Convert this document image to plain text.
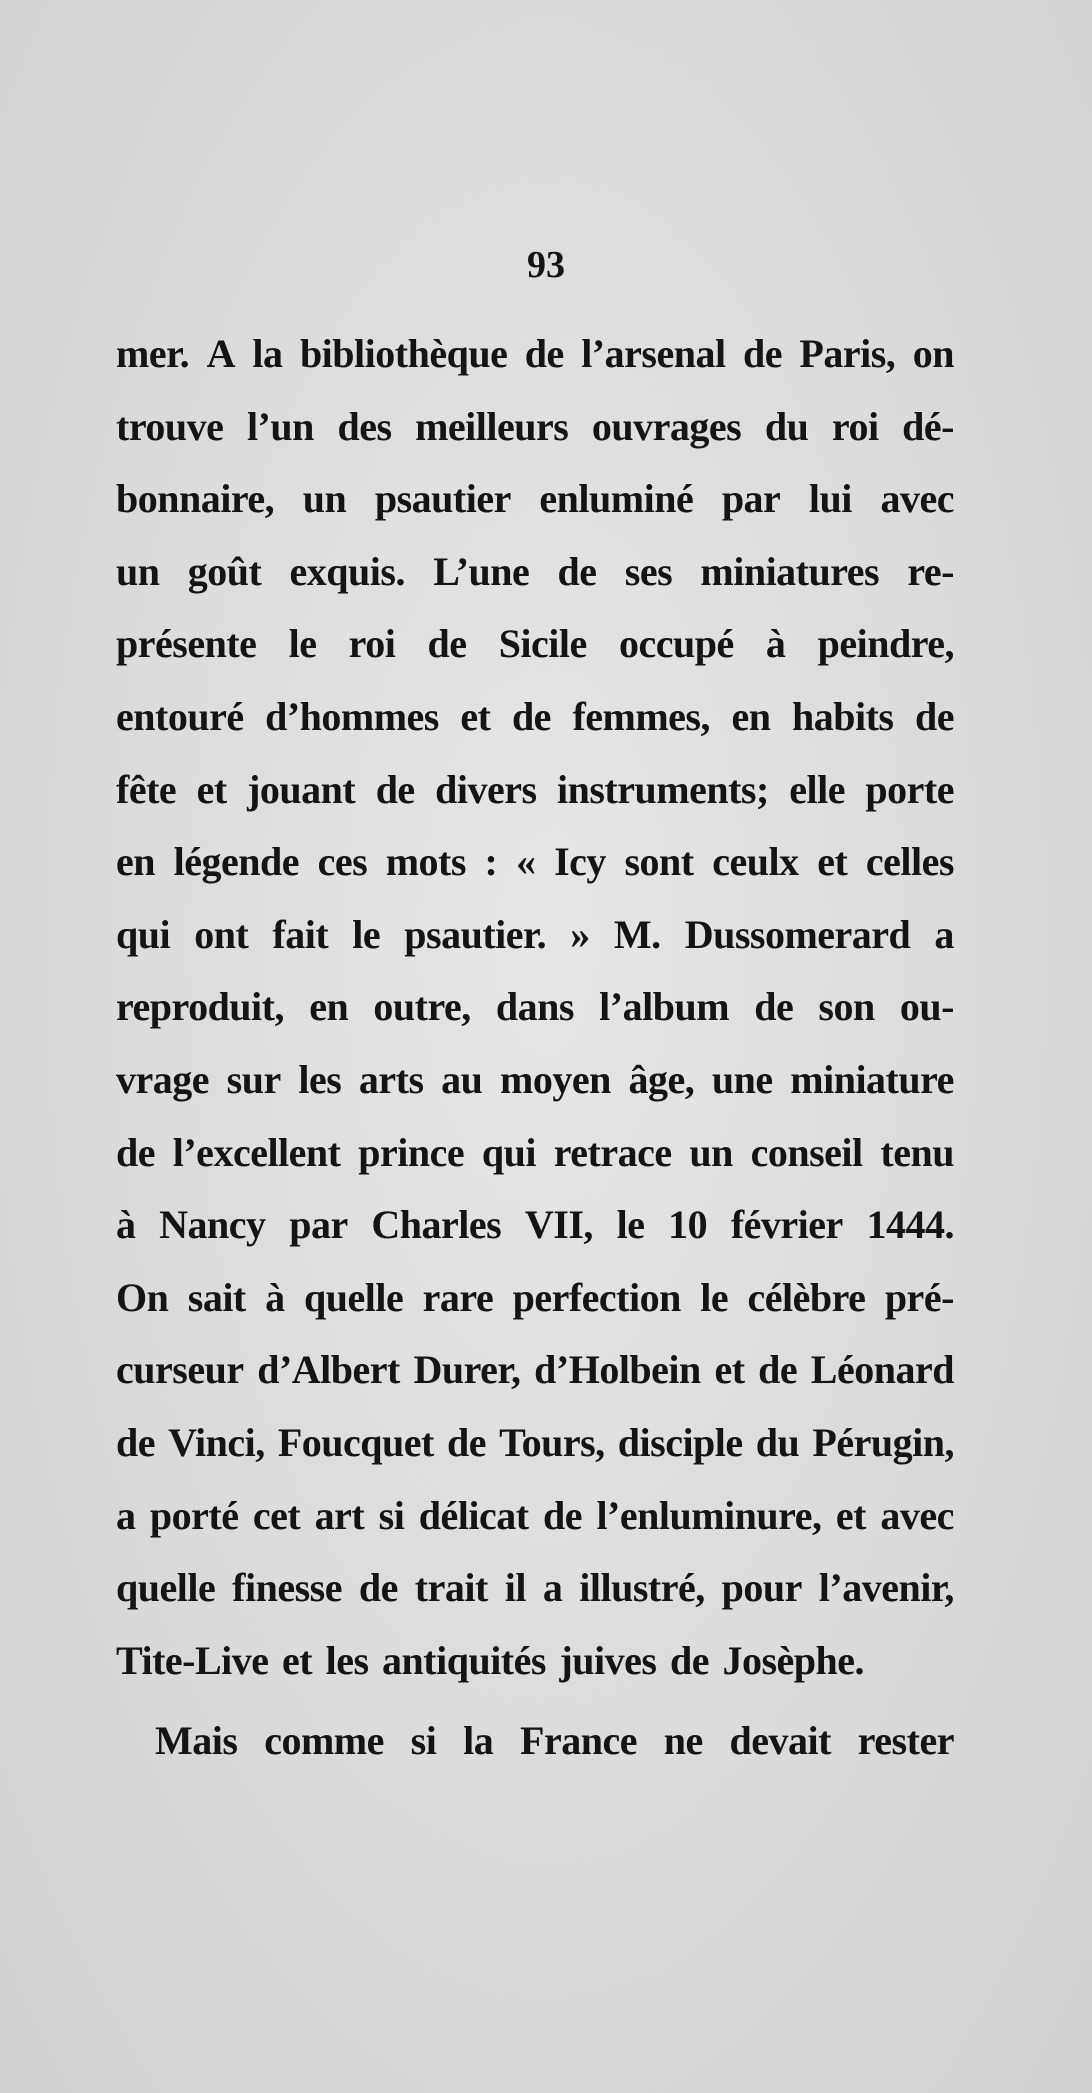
93
mer. A la bibliothèque de l’arsenal de Paris, on
trouve l’un des meilleurs ouvrages du roi dé-
bonnaire, un psautier enluminé par lui avec
un goût exquis. L’une de ses miniatures re-
présente le roi de Sicile occupé à peindre,
entouré d’hommes et de femmes, en habits de
fête et jouant de divers instruments; elle porte
en légende ces mots : « Icy sont ceulx et celles
qui ont fait le psautier. » M. Dussomerard a
reproduit, en outre, dans l’album de son ou-
vrage sur les arts au moyen âge, une miniature
de l’excellent prince qui retrace un conseil tenu
à Nancy par Charles VII, le 10 février 1444.
On sait à quelle rare perfection le célèbre pré-
curseur d’Albert Durer, d’Holbein et de Léonard
de Vinci, Foucquet de Tours, disciple du Pérugin,
a porté cet art si délicat de l’enluminure, et avec
quelle finesse de trait il a illustré, pour l’avenir,
Tite-Live et les antiquités juives de Josèphe.
Mais comme si la France ne devait rester
